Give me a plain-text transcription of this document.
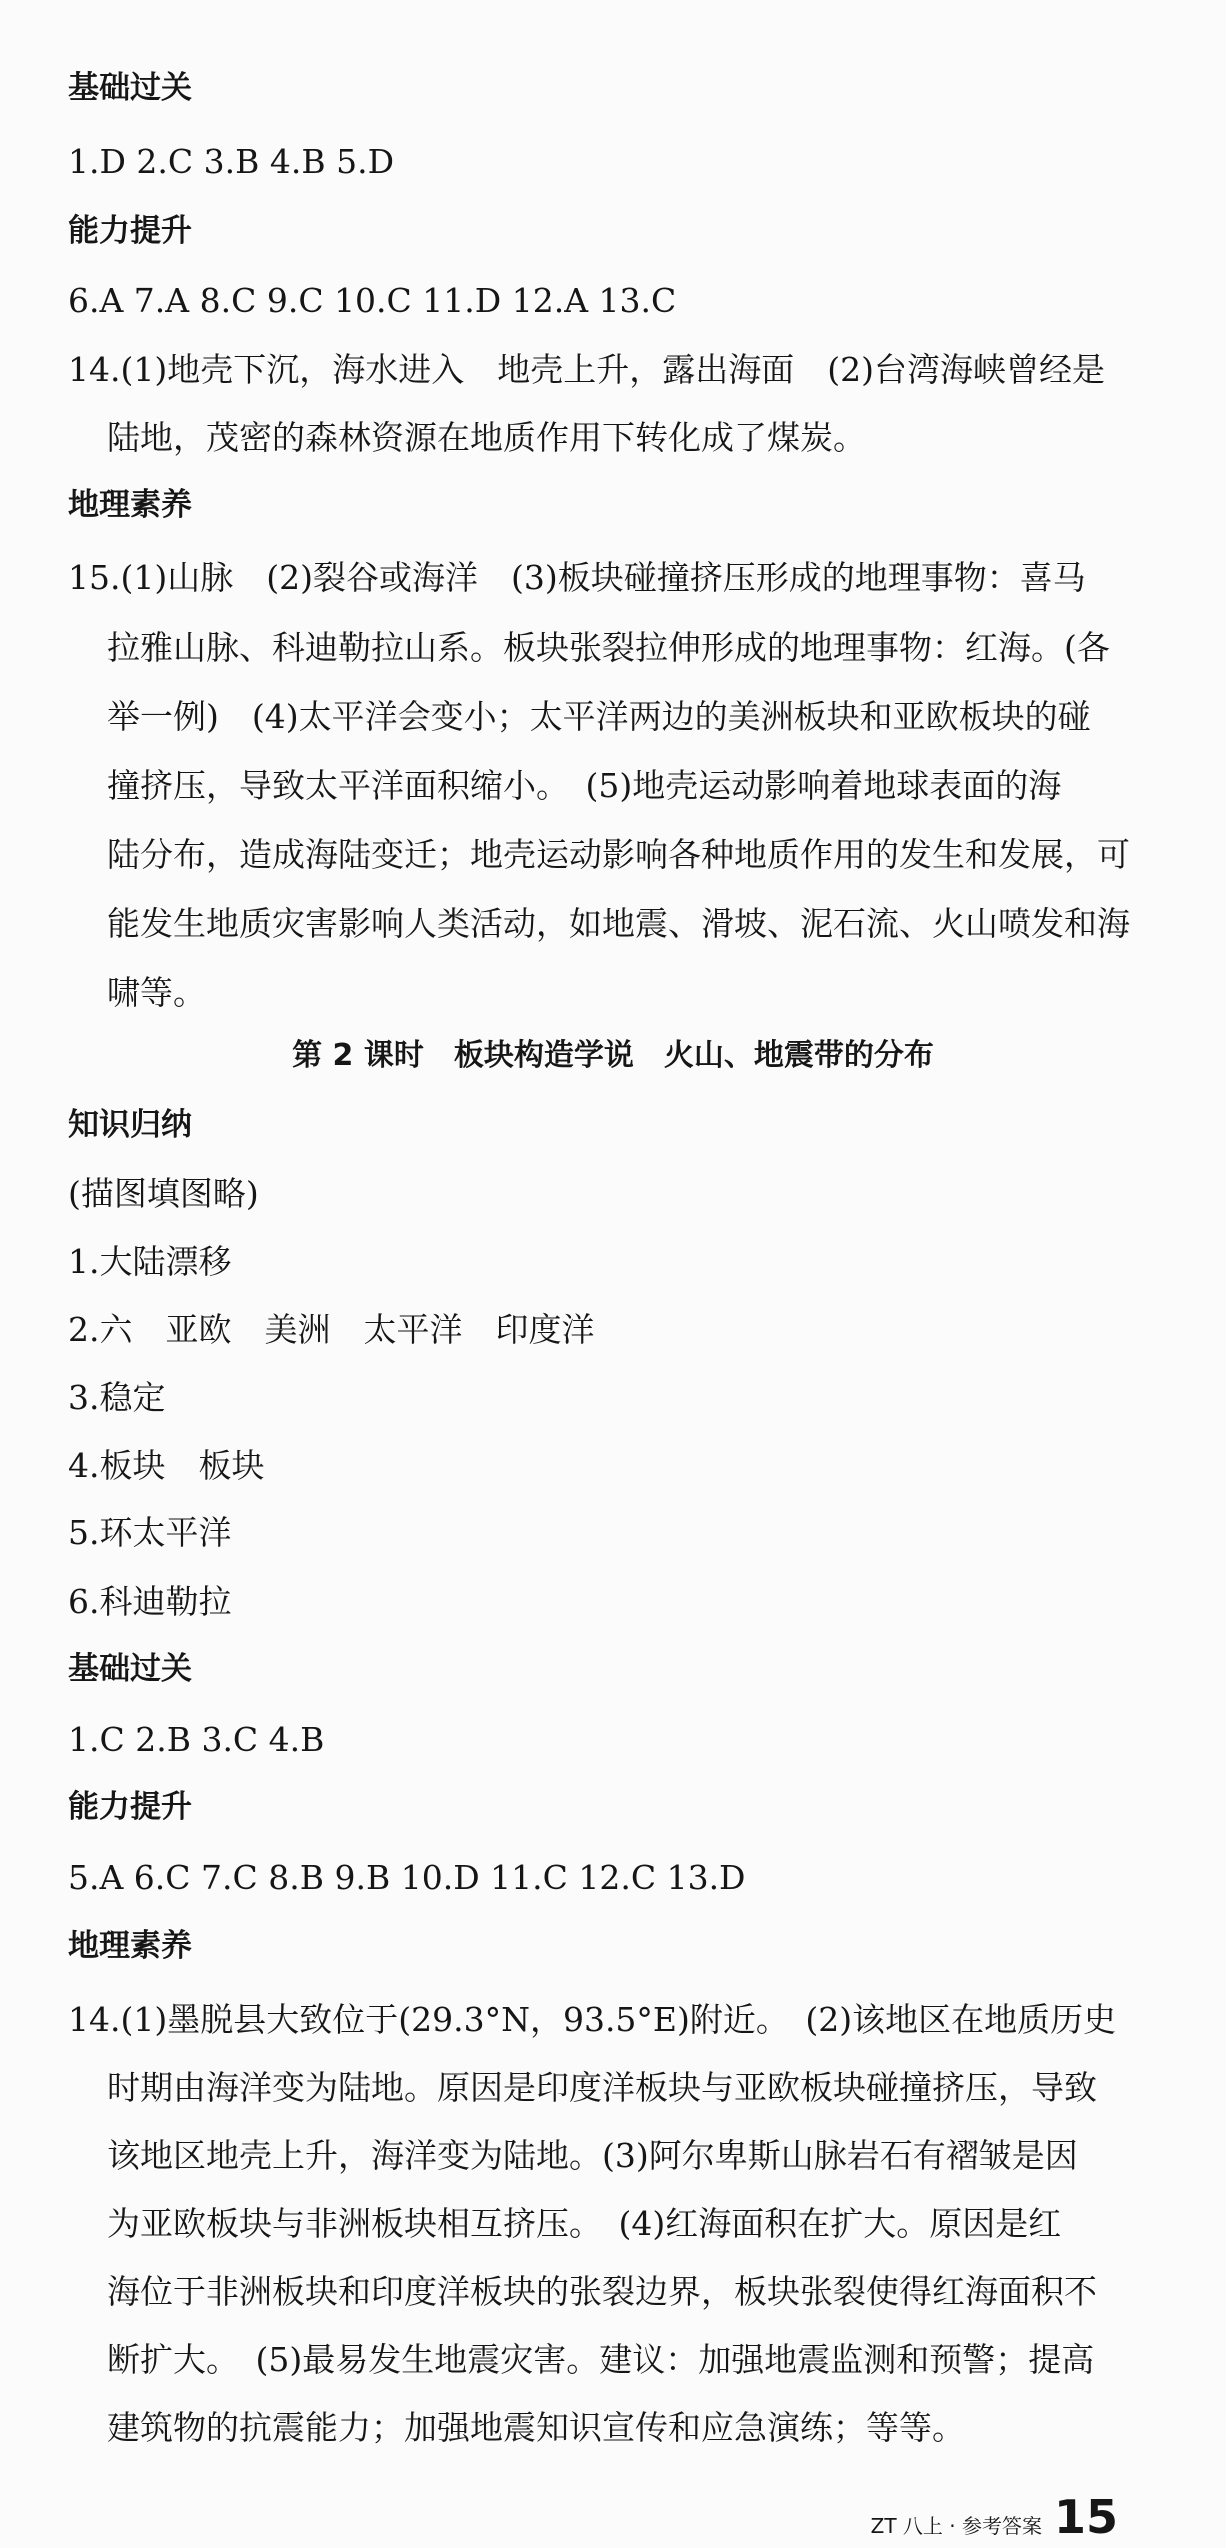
基础过关
1.D 2.C 3.B 4.B 5.D
能力提升
6.A 7.A 8.C 9.C 10.C 11.D 12.A 13.C
14.(1)地壳下沉，海水进入　地壳上升，露出海面　(2)台湾海峡曾经是
陆地，茂密的森林资源在地质作用下转化成了煤炭。
地理素养
15.(1)山脉　(2)裂谷或海洋　(3)板块碰撞挤压形成的地理事物：喜马
拉雅山脉、科迪勒拉山系。板块张裂拉伸形成的地理事物：红海。(各
举一例)　(4)太平洋会变小；太平洋两边的美洲板块和亚欧板块的碰
撞挤压，导致太平洋面积缩小。　(5)地壳运动影响着地球表面的海
陆分布，造成海陆变迁；地壳运动影响各种地质作用的发生和发展，可
能发生地质灾害影响人类活动，如地震、滑坡、泥石流、火山喷发和海
啸等。
第 2 课时　板块构造学说　火山、地震带的分布
知识归纳
(描图填图略)
1.大陆漂移
2.六　亚欧　美洲　太平洋　印度洋
3.稳定
4.板块　板块
5.环太平洋
6.科迪勒拉
基础过关
1.C 2.B 3.C 4.B
能力提升
5.A 6.C 7.C 8.B 9.B 10.D 11.C 12.C 13.D
地理素养
14.(1)墨脱县大致位于(29.3°N，93.5°E)附近。　(2)该地区在地质历史
时期由海洋变为陆地。原因是印度洋板块与亚欧板块碰撞挤压，导致
该地区地壳上升，海洋变为陆地。(3)阿尔卑斯山脉岩石有褶皱是因
为亚欧板块与非洲板块相互挤压。　(4)红海面积在扩大。原因是红
海位于非洲板块和印度洋板块的张裂边界，板块张裂使得红海面积不
断扩大。　(5)最易发生地震灾害。建议：加强地震监测和预警；提高
建筑物的抗震能力；加强地震知识宣传和应急演练；等等。
ZT 八上 · 参考答案 15
